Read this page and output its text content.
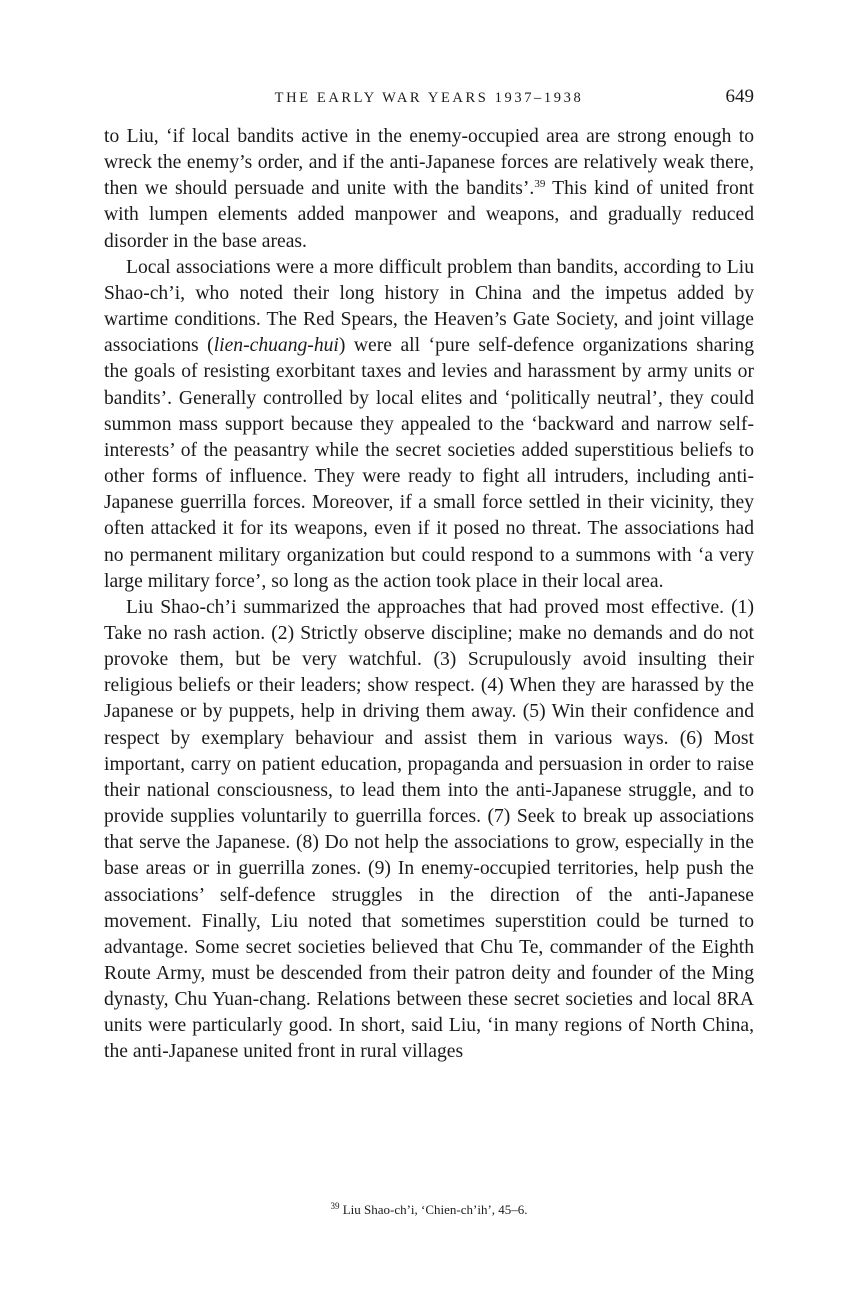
THE EARLY WAR YEARS 1937–1938	649

to Liu, ‘if local bandits active in the enemy-occupied area are strong enough to wreck the enemy’s order, and if the anti-Japanese forces are relatively weak there, then we should persuade and unite with the bandits’.$^{39}$ This kind of united front with lumpen elements added manpower and weapons, and gradually reduced disorder in the base areas.

Local associations were a more difficult problem than bandits, according to Liu Shao-ch’i, who noted their long history in China and the impetus added by wartime conditions. The Red Spears, the Heaven’s Gate Society, and joint village associations (lien-chuang-hui) were all ‘pure self-defence organizations sharing the goals of resisting exorbitant taxes and levies and harassment by army units or bandits’. Generally controlled by local elites and ‘politically neutral’, they could summon mass support because they appealed to the ‘backward and narrow self-interests’ of the peasantry while the secret societies added superstitious beliefs to other forms of influence. They were ready to fight all intruders, including anti-Japanese guerrilla forces. Moreover, if a small force settled in their vicinity, they often attacked it for its weapons, even if it posed no threat. The associations had no permanent military organization but could respond to a summons with ‘a very large military force’, so long as the action took place in their local area.

Liu Shao-ch’i summarized the approaches that had proved most effective. (1) Take no rash action. (2) Strictly observe discipline; make no demands and do not provoke them, but be very watchful. (3) Scrupulously avoid insulting their religious beliefs or their leaders; show respect. (4) When they are harassed by the Japanese or by puppets, help in driving them away. (5) Win their confidence and respect by exemplary behaviour and assist them in various ways. (6) Most important, carry on patient education, propaganda and persuasion in order to raise their national consciousness, to lead them into the anti-Japanese struggle, and to provide supplies voluntarily to guerrilla forces. (7) Seek to break up associations that serve the Japanese. (8) Do not help the associations to grow, especially in the base areas or in guerrilla zones. (9) In enemy-occupied territories, help push the associations’ self-defence struggles in the direction of the anti-Japanese movement. Finally, Liu noted that sometimes superstition could be turned to advantage. Some secret societies believed that Chu Te, commander of the Eighth Route Army, must be descended from their patron deity and founder of the Ming dynasty, Chu Yuan-chang. Relations between these secret societies and local 8RA units were particularly good. In short, said Liu, ‘in many regions of North China, the anti-Japanese united front in rural villages

$^{39}$ Liu Shao-ch’i, ‘Chien-ch’ih’, 45–6.
